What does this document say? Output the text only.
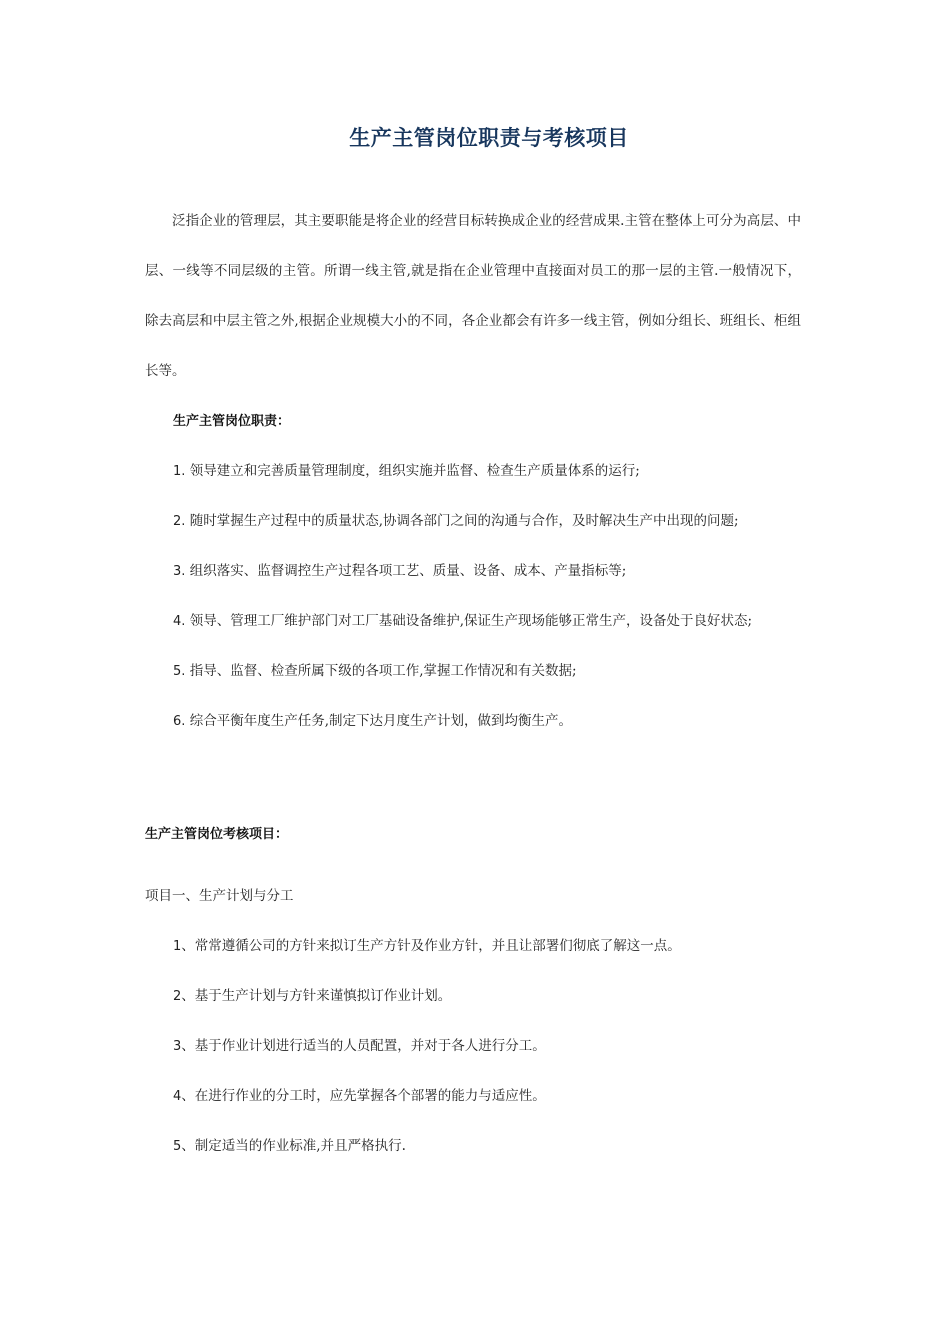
生产主管岗位职责与考核项目
泛指企业的管理层，其主要职能是将企业的经营目标转换成企业的经营成果.主管在整体上可分为高层、中层、一线等不同层级的主管。所谓一线主管,就是指在企业管理中直接面对员工的那一层的主管.一般情况下，除去高层和中层主管之外,根据企业规模大小的不同，各企业都会有许多一线主管，例如分组长、班组长、柜组长等。
生产主管岗位职责：
1. 领导建立和完善质量管理制度，组织实施并监督、检查生产质量体系的运行;
2. 随时掌握生产过程中的质量状态,协调各部门之间的沟通与合作，及时解决生产中出现的问题;
3. 组织落实、监督调控生产过程各项工艺、质量、设备、成本、产量指标等;
4. 领导、管理工厂维护部门对工厂基础设备维护,保证生产现场能够正常生产，设备处于良好状态;
5. 指导、监督、检查所属下级的各项工作,掌握工作情况和有关数据;
6. 综合平衡年度生产任务,制定下达月度生产计划，做到均衡生产。
生产主管岗位考核项目：
项目一、生产计划与分工
1、常常遵循公司的方针来拟订生产方针及作业方针，并且让部署们彻底了解这一点。
2、基于生产计划与方针来谨慎拟订作业计划。
3、基于作业计划进行适当的人员配置，并对于各人进行分工。
4、在进行作业的分工时，应先掌握各个部署的能力与适应性。
5、制定适当的作业标准,并且严格执行.
